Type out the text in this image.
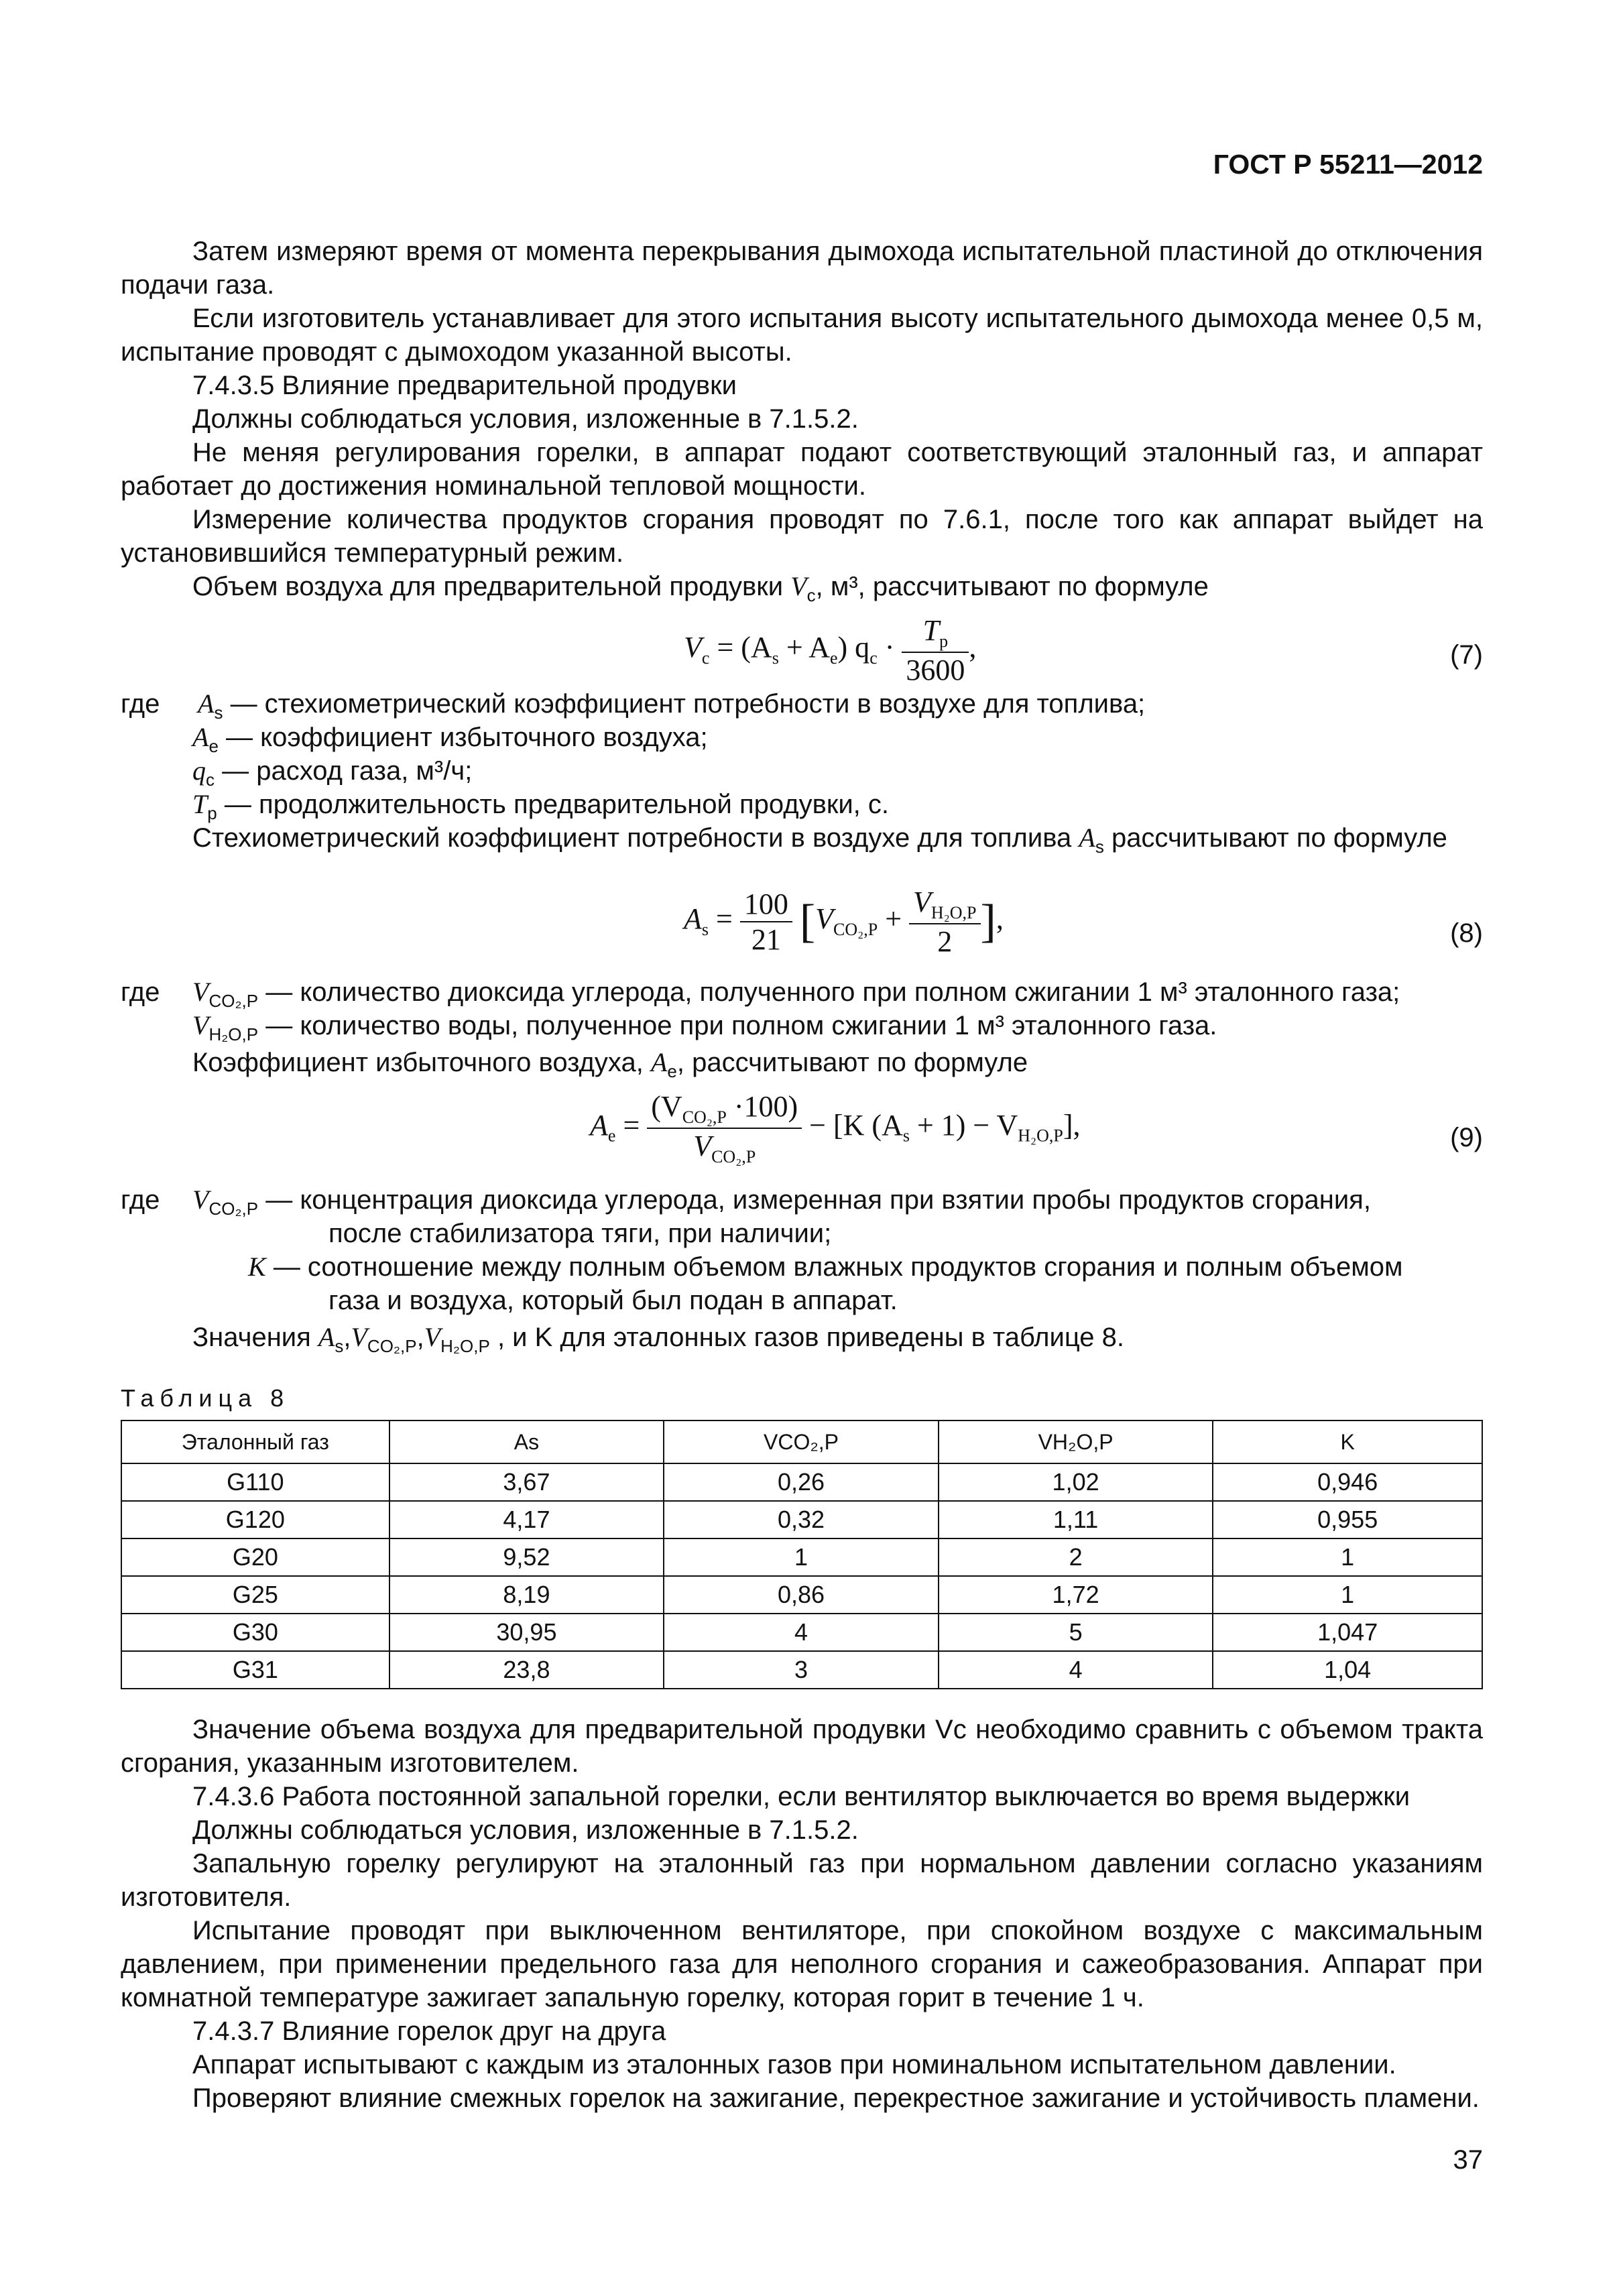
ГОСТ Р 55211—2012

Затем измеряют время от момента перекрывания дымохода испытательной пластиной до отключения подачи газа.

Если изготовитель устанавливает для этого испытания высоту испытательного дымохода менее 0,5 м, испытание проводят с дымоходом указанной высоты.

7.4.3.5 Влияние предварительной продувки

Должны соблюдаться условия, изложенные в 7.1.5.2.

Не меняя регулирования горелки, в аппарат подают соответствующий эталонный газ, и аппарат работает до достижения номинальной тепловой мощности.

Измерение количества продуктов сгорания проводят по 7.6.1, после того как аппарат выйдет на установившийся температурный режим.

Объем воздуха для предварительной продувки $V_c$, м³, рассчитывают по формуле

$V_c = (A_s + A_e) q_c \cdot \frac{T_p}{3600}$ ,	(7)
где $A_s$ — стехиометрический коэффициент потребности в воздухе для топлива;
$A_e$ — коэффициент избыточного воздуха;
$q_c$ — расход газа, м³/ч;
$T_p$ — продолжительность предварительной продувки, с.

Стехиометрический коэффициент потребности в воздухе для топлива $A_s$ рассчитывают по формуле

$A_s = \frac{100}{21} [V_{CO_2,P} + \frac{V_{H_2O,P}}{2}$ ],	(8)
где $V_{CO_2,P}$ — количество диоксида углерода, полученного при полном сжигании 1 м³ эталонного газа;
$V_{H_2O,P}$ — количество воды, полученное при полном сжигании 1 м³ эталонного газа.

Коэффициент избыточного воздуха, $A_e$, рассчитывают по формуле

$A_e = \frac{(V_{CO_2,P} \cdot 100)}{V_{CO_2,P}} - [K$ $(A_s + 1) - V_{H_2O,P}$],	(9)
где $V_{CO_2,P}$ — концентрация диоксида углерода, измеренная при взятии пробы продуктов сгорания,
после стабилизатора тяги, при наличии;
K — соотношение между полным объемом влажных продуктов сгорания и полным объемом
газа и воздуха, который был подан в аппарат.

Значения $A_s,V_{CO_2,P},V_{H_2O,P}$ , и K для эталонных газов приведены в таблице 8.

Таблица 8
Эталонный газ	As	VCO₂,P	VH₂O,P	K
G110	3,67	0,26	1,02	0,946
G120	4,17	0,32	1,11	0,955
G20	9,52	1	2	1
G25	8,19	0,86	1,72	1
G30	30,95	4	5	1,047
G31	23,8	3	4	1,04

Значение объема воздуха для предварительной продувки Vc необходимо сравнить с объемом тракта сгорания, указанным изготовителем.

7.4.3.6 Работа постоянной запальной горелки, если вентилятор выключается во время выдержки

Должны соблюдаться условия, изложенные в 7.1.5.2.

Запальную горелку регулируют на эталонный газ при нормальном давлении согласно указаниям изготовителя.

Испытание проводят при выключенном вентиляторе, при спокойном воздухе с максимальным давлением, при применении предельного газа для неполного сгорания и сажеобразования. Аппарат при комнатной температуре зажигает запальную горелку, которая горит в течение 1 ч.

7.4.3.7 Влияние горелок друг на друга

Аппарат испытывают с каждым из эталонных газов при номинальном испытательном давлении.

Проверяют влияние смежных горелок на зажигание, перекрестное зажигание и устойчивость пламени.

37
